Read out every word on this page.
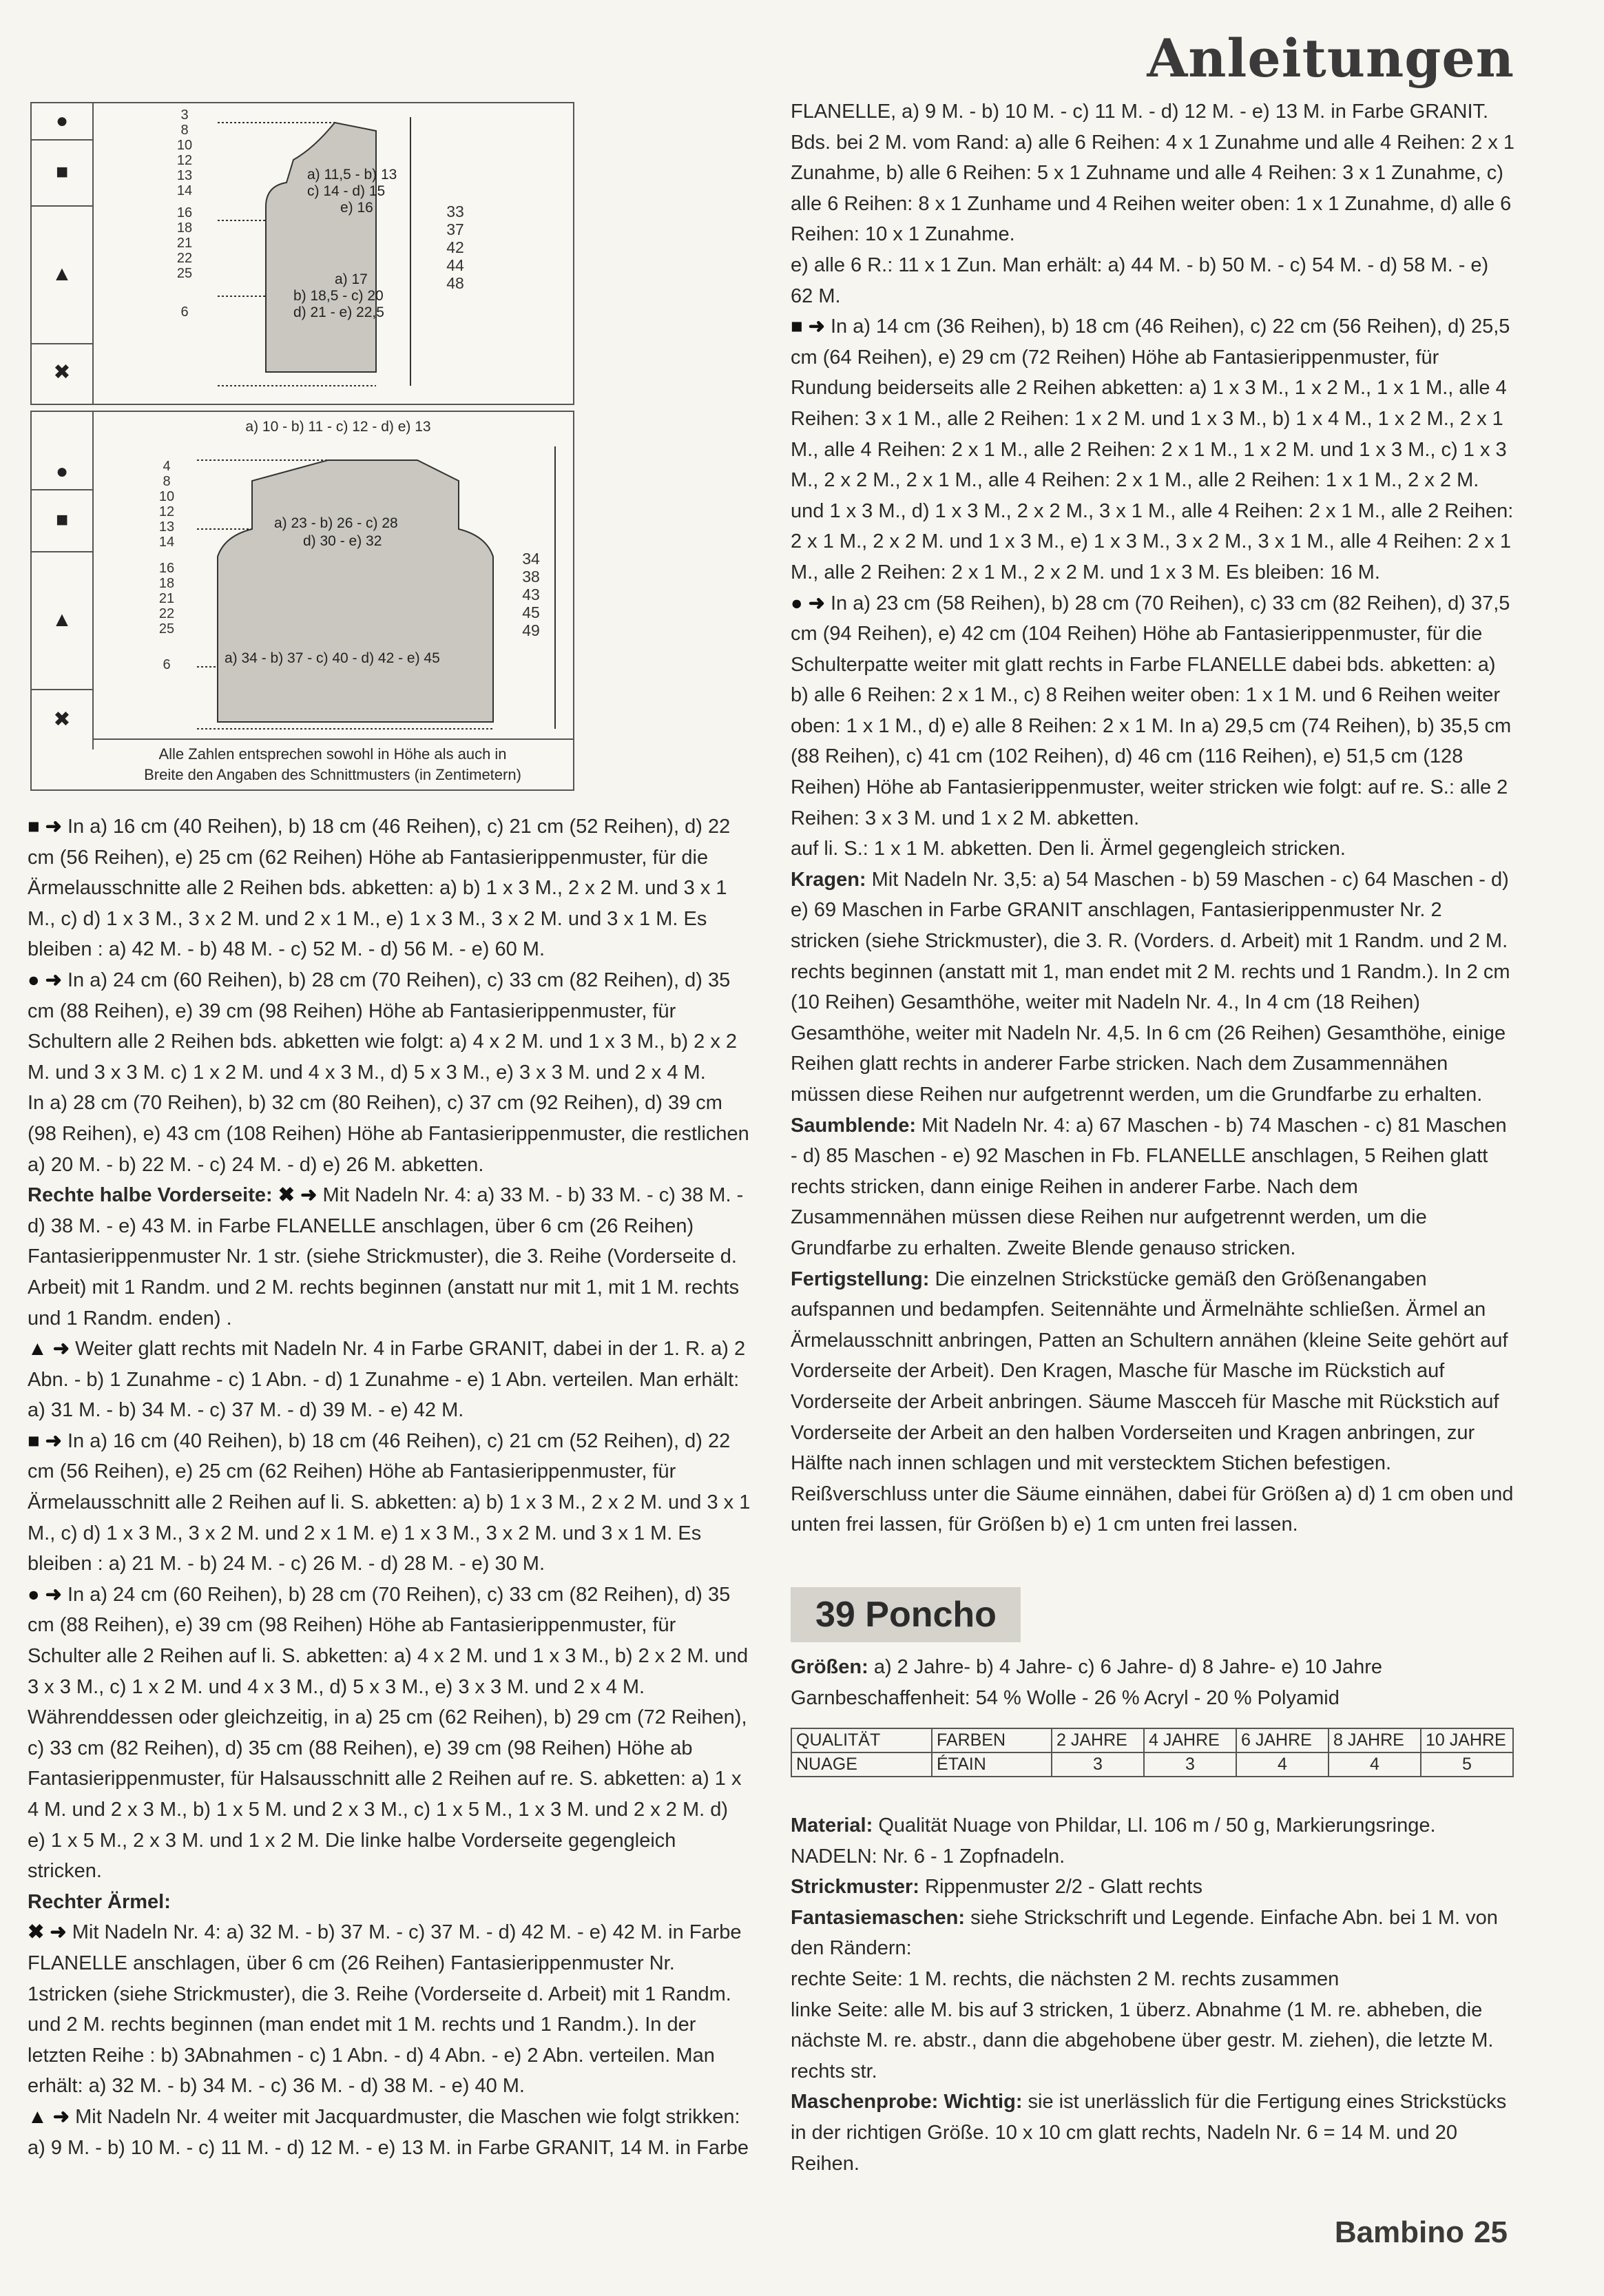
Anleitungen
●
■
▲
✖
3
8
10
12
13
14
16
18
21
22
25
6
a) 11,5 - b) 13
c) 14 - d) 15
e) 16
a) 17
b) 18,5 - c) 20
d) 21 - e) 22,5
33
37
42
44
48
a) 10 - b) 11 - c) 12 - d) e) 13
●
■
▲
✖
4
8
10
12
13
14
16
18
21
22
25
6
a) 23 - b) 26 - c) 28
d) 30 - e) 32
a) 34 - b) 37 - c) 40 - d) 42 - e) 45
34
38
43
45
49
Alle Zahlen entsprechen sowohl in Höhe als auch in
Breite den Angaben des Schnittmusters (in Zentimetern)

■ ➜ In a) 16 cm (40 Reihen), b) 18 cm (46 Reihen), c) 21 cm (52 Reihen), d) 22 cm (56 Reihen), e) 25 cm (62 Reihen) Höhe ab Fantasierippenmuster, für die Ärmelausschnitte alle 2 Reihen bds. abketten: a) b) 1 x 3 M., 2 x 2 M. und 3 x 1 M., c) d) 1 x 3 M., 3 x 2 M. und 2 x 1 M., e) 1 x 3 M., 3 x 2 M. und 3 x 1 M. Es bleiben : a) 42 M. - b) 48 M. - c) 52 M. - d) 56 M. - e) 60 M.

● ➜ In a) 24 cm (60 Reihen), b) 28 cm (70 Reihen), c) 33 cm (82 Reihen), d) 35 cm (88 Reihen), e) 39 cm (98 Reihen) Höhe ab Fantasierippenmuster, für Schultern alle 2 Reihen bds. abketten wie folgt: a) 4 x 2 M. und 1 x 3 M., b) 2 x 2 M. und 3 x 3 M. c) 1 x 2 M. und 4 x 3 M., d) 5 x 3 M., e) 3 x 3 M. und 2 x 4 M.

In a) 28 cm (70 Reihen), b) 32 cm (80 Reihen), c) 37 cm (92 Reihen), d) 39 cm (98 Reihen), e) 43 cm (108 Reihen) Höhe ab Fantasierippenmuster, die restlichen a) 20 M. - b) 22 M. - c) 24 M. - d) e) 26 M. abketten.

Rechte halbe Vorderseite: ✖ ➜ Mit Nadeln Nr. 4: a) 33 M. - b) 33 M. - c) 38 M. - d) 38 M. - e) 43 M. in Farbe FLANELLE anschlagen, über 6 cm (26 Reihen) Fantasierippenmuster Nr. 1 str. (siehe Strickmuster), die 3. Reihe (Vorderseite d. Arbeit) mit 1 Randm. und 2 M. rechts beginnen (anstatt nur mit 1, mit 1 M. rechts und 1 Randm. enden) .

▲ ➜ Weiter glatt rechts mit Nadeln Nr. 4 in Farbe GRANIT, dabei in der 1. R. a) 2 Abn. - b) 1 Zunahme - c) 1 Abn. - d) 1 Zunahme - e) 1 Abn. verteilen. Man erhält: a) 31 M. - b) 34 M. - c) 37 M. - d) 39 M. - e) 42 M.

■ ➜ In a) 16 cm (40 Reihen), b) 18 cm (46 Reihen), c) 21 cm (52 Reihen), d) 22 cm (56 Reihen), e) 25 cm (62 Reihen) Höhe ab Fantasierippenmuster, für Ärmelausschnitt alle 2 Reihen auf li. S. abketten: a) b) 1 x 3 M., 2 x 2 M. und 3 x 1 M., c) d) 1 x 3 M., 3 x 2 M. und 2 x 1 M. e) 1 x 3 M., 3 x 2 M. und 3 x 1 M. Es bleiben : a) 21 M. - b) 24 M. - c) 26 M. - d) 28 M. - e) 30 M.

● ➜ In a) 24 cm (60 Reihen), b) 28 cm (70 Reihen), c) 33 cm (82 Reihen), d) 35 cm (88 Reihen), e) 39 cm (98 Reihen) Höhe ab Fantasierippenmuster, für Schulter alle 2 Reihen auf li. S. abketten: a) 4 x 2 M. und 1 x 3 M., b) 2 x 2 M. und 3 x 3 M., c) 1 x 2 M. und 4 x 3 M., d) 5 x 3 M., e) 3 x 3 M. und 2 x 4 M. Währenddessen oder gleichzeitig, in a) 25 cm (62 Reihen), b) 29 cm (72 Reihen), c) 33 cm (82 Reihen), d) 35 cm (88 Reihen), e) 39 cm (98 Reihen) Höhe ab Fantasierippenmuster, für Halsausschnitt alle 2 Reihen auf re. S. abketten: a) 1 x 4 M. und 2 x 3 M., b) 1 x 5 M. und 2 x 3 M., c) 1 x 5 M., 1 x 3 M. und 2 x 2 M. d) e) 1 x 5 M., 2 x 3 M. und 1 x 2 M. Die linke halbe Vorderseite gegengleich stricken.

Rechter Ärmel:

✖ ➜ Mit Nadeln Nr. 4: a) 32 M. - b) 37 M. - c) 37 M. - d) 42 M. - e) 42 M. in Farbe FLANELLE anschlagen, über 6 cm (26 Reihen) Fantasierippenmuster Nr. 1stricken (siehe Strickmuster), die 3. Reihe (Vorderseite d. Arbeit) mit 1 Randm. und 2 M. rechts beginnen (man endet mit 1 M. rechts und 1 Randm.). In der letzten Reihe : b) 3Abnahmen - c) 1 Abn. - d) 4 Abn. - e) 2 Abn. verteilen. Man erhält: a) 32 M. - b) 34 M. - c) 36 M. - d) 38 M. - e) 40 M.

▲ ➜ Mit Nadeln Nr. 4 weiter mit Jacquardmuster, die Maschen wie folgt strikken:

a) 9 M. - b) 10 M. - c) 11 M. - d) 12 M. - e) 13 M. in Farbe GRANIT, 14 M. in Farbe

FLANELLE, a) 9 M. - b) 10 M. - c) 11 M. - d) 12 M. - e) 13 M. in Farbe GRANIT.

Bds. bei 2 M. vom Rand: a) alle 6 Reihen: 4 x 1 Zunahme und alle 4 Reihen: 2 x 1 Zunahme, b) alle 6 Reihen: 5 x 1 Zuhname und alle 4 Reihen: 3 x 1 Zunahme, c) alle 6 Reihen: 8 x 1 Zunhame und 4 Reihen weiter oben: 1 x 1 Zunahme, d) alle 6 Reihen: 10 x 1 Zunahme.

e) alle 6 R.: 11 x 1 Zun. Man erhält: a) 44 M. - b) 50 M. - c) 54 M. - d) 58 M. - e) 62 M.

■ ➜ In a) 14 cm (36 Reihen), b) 18 cm (46 Reihen), c) 22 cm (56 Reihen), d) 25,5 cm (64 Reihen), e) 29 cm (72 Reihen) Höhe ab Fantasierippenmuster, für Rundung beiderseits alle 2 Reihen abketten: a) 1 x 3 M., 1 x 2 M., 1 x 1 M., alle 4 Reihen: 3 x 1 M., alle 2 Reihen: 1 x 2 M. und 1 x 3 M., b) 1 x 4 M., 1 x 2 M., 2 x 1 M., alle 4 Reihen: 2 x 1 M., alle 2 Reihen: 2 x 1 M., 1 x 2 M. und 1 x 3 M., c) 1 x 3 M., 2 x 2 M., 2 x 1 M., alle 4 Reihen: 2 x 1 M., alle 2 Reihen: 1 x 1 M., 2 x 2 M. und 1 x 3 M., d) 1 x 3 M., 2 x 2 M., 3 x 1 M., alle 4 Reihen: 2 x 1 M., alle 2 Reihen: 2 x 1 M., 2 x 2 M. und 1 x 3 M., e) 1 x 3 M., 3 x 2 M., 3 x 1 M., alle 4 Reihen: 2 x 1 M., alle 2 Reihen: 2 x 1 M., 2 x 2 M. und 1 x 3 M. Es bleiben: 16 M.

● ➜ In a) 23 cm (58 Reihen), b) 28 cm (70 Reihen), c) 33 cm (82 Reihen), d) 37,5 cm (94 Reihen), e) 42 cm (104 Reihen) Höhe ab Fantasierippenmuster, für die Schulterpatte weiter mit glatt rechts in Farbe FLANELLE dabei bds. abketten: a) b) alle 6 Reihen: 2 x 1 M., c) 8 Reihen weiter oben: 1 x 1 M. und 6 Reihen weiter oben: 1 x 1 M., d) e) alle 8 Reihen: 2 x 1 M. In a) 29,5 cm (74 Reihen), b) 35,5 cm (88 Reihen), c) 41 cm (102 Reihen), d) 46 cm (116 Reihen), e) 51,5 cm (128 Reihen) Höhe ab Fantasierippenmuster, weiter stricken wie folgt: auf re. S.: alle 2 Reihen: 3 x 3 M. und 1 x 2 M. abketten.

auf li. S.: 1 x 1 M. abketten. Den li. Ärmel gegengleich stricken.

Kragen: Mit Nadeln Nr. 3,5: a) 54 Maschen - b) 59 Maschen - c) 64 Maschen - d) e) 69 Maschen in Farbe GRANIT anschlagen, Fantasierippenmuster Nr. 2 stricken (siehe Strickmuster), die 3. R. (Vorders. d. Arbeit) mit 1 Randm. und 2 M. rechts beginnen (anstatt mit 1, man endet mit 2 M. rechts und 1 Randm.). In 2 cm (10 Reihen) Gesamthöhe, weiter mit Nadeln Nr. 4., In 4 cm (18 Reihen) Gesamthöhe, weiter mit Nadeln Nr. 4,5. In 6 cm (26 Reihen) Gesamthöhe, einige Reihen glatt rechts in anderer Farbe stricken. Nach dem Zusammennähen müssen diese Reihen nur aufgetrennt werden, um die Grundfarbe zu erhalten.

Saumblende: Mit Nadeln Nr. 4: a) 67 Maschen - b) 74 Maschen - c) 81 Maschen - d) 85 Maschen - e) 92 Maschen in Fb. FLANELLE anschlagen, 5 Reihen glatt rechts stricken, dann einige Reihen in anderer Farbe. Nach dem Zusammennähen müssen diese Reihen nur aufgetrennt werden, um die Grundfarbe zu erhalten. Zweite Blende genauso stricken.

Fertigstellung: Die einzelnen Strickstücke gemäß den Größenangaben aufspannen und bedampfen. Seitennähte und Ärmelnähte schließen. Ärmel an Ärmelausschnitt anbringen, Patten an Schultern annähen (kleine Seite gehört auf Vorderseite der Arbeit). Den Kragen, Masche für Masche im Rückstich auf Vorderseite der Arbeit anbringen. Säume Mascceh für Masche mit Rückstich auf Vorderseite der Arbeit an den halben Vorderseiten und Kragen anbringen, zur Hälfte nach innen schlagen und mit verstecktem Stichen befestigen. Reißverschluss unter die Säume einnähen, dabei für Größen a) d) 1 cm oben und unten frei lassen, für Größen b) e) 1 cm unten frei lassen.

39 Poncho

Größen: a) 2 Jahre- b) 4 Jahre- c) 6 Jahre- d) 8 Jahre- e) 10 Jahre

Garnbeschaffenheit: 54 % Wolle - 26 % Acryl - 20 % Polyamid

QUALITÄT	FARBEN	2 JAHRE	4 JAHRE	6 JAHRE	8 JAHRE	10 JAHRE
NUAGE	ÉTAIN	3	3	4	4	5

Material: Qualität Nuage von Phildar, Ll. 106 m / 50 g, Markierungsringe. NADELN: Nr. 6 - 1 Zopfnadeln.

Strickmuster: Rippenmuster 2/2 - Glatt rechts

Fantasiemaschen: siehe Strickschrift und Legende. Einfache Abn. bei 1 M. von den Rändern:

rechte Seite: 1 M. rechts, die nächsten 2 M. rechts zusammen

linke Seite: alle M. bis auf 3 stricken, 1 überz. Abnahme (1 M. re. abheben, die nächste M. re. abstr., dann die abgehobene über gestr. M. ziehen), die letzte M. rechts str.

Maschenprobe: Wichtig: sie ist unerlässlich für die Fertigung eines Strickstücks in der richtigen Größe. 10 x 10 cm glatt rechts, Nadeln Nr. 6 = 14 M. und 20 Reihen.

Bambino 25
